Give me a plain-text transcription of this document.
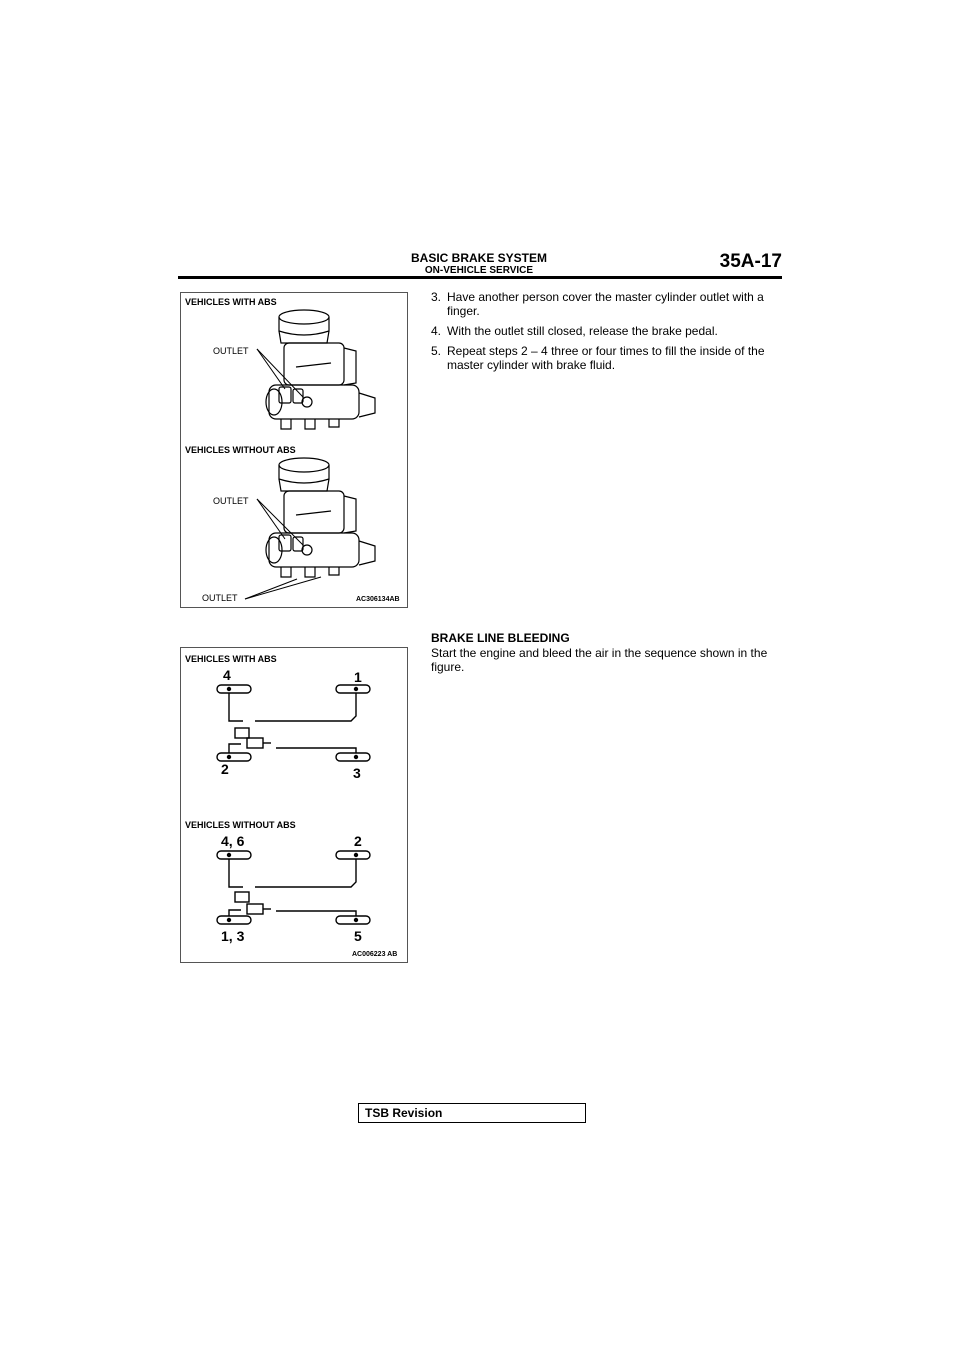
BASIC BRAKE SYSTEM
ON-VEHICLE SERVICE	35A-17
VEHICLES WITH ABS
OUTLET
VEHICLES WITHOUT ABS
OUTLET
OUTLET	AC306134AB
3. Have another person cover the master cylinder outlet with a finger.
4. With the outlet still closed, release the brake pedal.
5. Repeat steps 2 – 4 three or four times to fill the inside of the master cylinder with brake fluid.
BRAKE LINE BLEEDING
Start the engine and bleed the air in the sequence shown in the figure.
VEHICLES WITH ABS
4	1
2	3
VEHICLES WITHOUT ABS
4, 6	2
1, 3	5
AC006223 AB
TSB Revision
